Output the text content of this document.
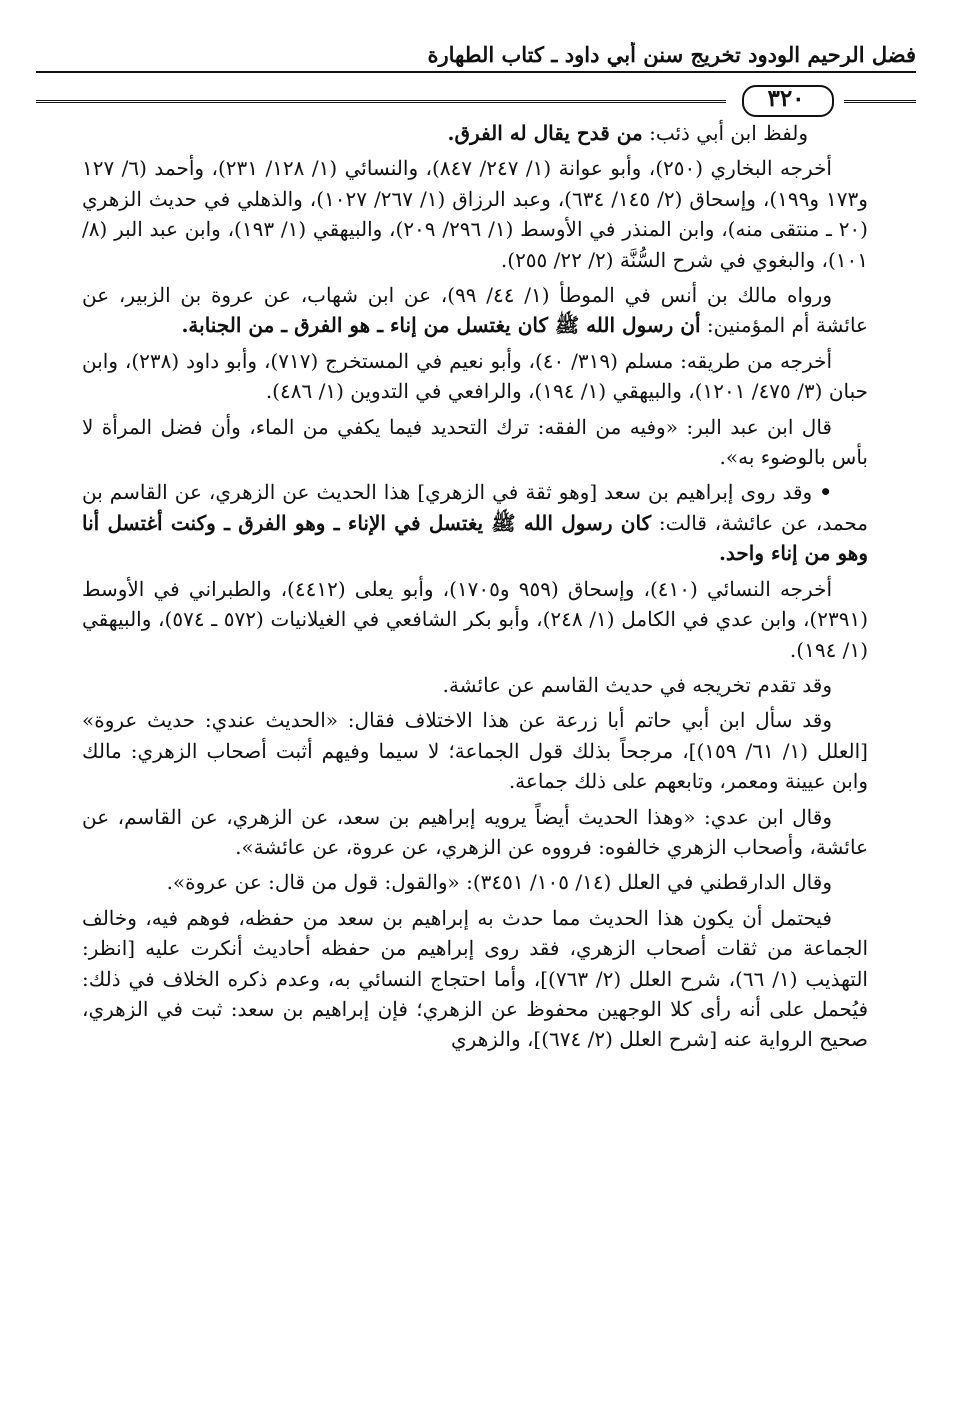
فضل الرحيم الودود تخريج سنن أبي داود ـ كتاب الطهارة
٣٢٠

ولفظ ابن أبي ذئب: من قدح يقال له الفرق.

أخرجه البخاري (٢٥٠)، وأبو عوانة (١/ ٢٤٧/ ٨٤٧)، والنسائي (١/ ١٢٨/ ٢٣١)، وأحمد (٦/ ١٢٧ و١٧٣ و١٩٩)، وإسحاق (٢/ ١٤٥/ ٦٣٤)، وعبد الرزاق (١/ ٢٦٧/ ١٠٢٧)، والذهلي في حديث الزهري (٢٠ ـ منتقى منه)، وابن المنذر في الأوسط (١/ ٢٩٦/ ٢٠٩)، والبيهقي (١/ ١٩٣)، وابن عبد البر (٨/ ١٠١)، والبغوي في شرح السُّنَّة (٢/ ٢٢/ ٢٥٥).

ورواه مالك بن أنس في الموطأ (١/ ٤٤/ ٩٩)، عن ابن شهاب، عن عروة بن الزبير، عن عائشة أم المؤمنين: أن رسول الله ﷺ كان يغتسل من إناء ـ هو الفرق ـ من الجنابة.

أخرجه من طريقه: مسلم (٣١٩/ ٤٠)، وأبو نعيم في المستخرج (٧١٧)، وأبو داود (٢٣٨)، وابن حبان (٣/ ٤٧٥/ ١٢٠١)، والبيهقي (١/ ١٩٤)، والرافعي في التدوين (١/ ٤٨٦).

قال ابن عبد البر: «وفيه من الفقه: ترك التحديد فيما يكفي من الماء، وأن فضل المرأة لا بأس بالوضوء به».

• وقد روى إبراهيم بن سعد [وهو ثقة في الزهري] هذا الحديث عن الزهري، عن القاسم بن محمد، عن عائشة، قالت: كان رسول الله ﷺ يغتسل في الإناء ـ وهو الفرق ـ وكنت أغتسل أنا وهو من إناء واحد.

أخرجه النسائي (٤١٠)، وإسحاق (٩٥٩ و١٧٠٥)، وأبو يعلى (٤٤١٢)، والطبراني في الأوسط (٢٣٩١)، وابن عدي في الكامل (١/ ٢٤٨)، وأبو بكر الشافعي في الغيلانيات (٥٧٢ ـ ٥٧٤)، والبيهقي (١/ ١٩٤).

وقد تقدم تخريجه في حديث القاسم عن عائشة.

وقد سأل ابن أبي حاتم أبا زرعة عن هذا الاختلاف فقال: «الحديث عندي: حديث عروة» [العلل (١/ ٦١/ ١٥٩)]، مرجحاً بذلك قول الجماعة؛ لا سيما وفيهم أثبت أصحاب الزهري: مالك وابن عيينة ومعمر، وتابعهم على ذلك جماعة.

وقال ابن عدي: «وهذا الحديث أيضاً يرويه إبراهيم بن سعد، عن الزهري، عن القاسم، عن عائشة، وأصحاب الزهري خالفوه: فرووه عن الزهري، عن عروة، عن عائشة».

وقال الدارقطني في العلل (١٤/ ١٠٥/ ٣٤٥١): «والقول: قول من قال: عن عروة».

فيحتمل أن يكون هذا الحديث مما حدث به إبراهيم بن سعد من حفظه، فوهم فيه، وخالف الجماعة من ثقات أصحاب الزهري، فقد روى إبراهيم من حفظه أحاديث أنكرت عليه [انظر: التهذيب (١/ ٦٦)، شرح العلل (٢/ ٧٦٣)]، وأما احتجاج النسائي به، وعدم ذكره الخلاف في ذلك: فيُحمل على أنه رأى كلا الوجهين محفوظ عن الزهري؛ فإن إبراهيم بن سعد: ثبت في الزهري، صحيح الرواية عنه [شرح العلل (٢/ ٦٧٤)]، والزهري
